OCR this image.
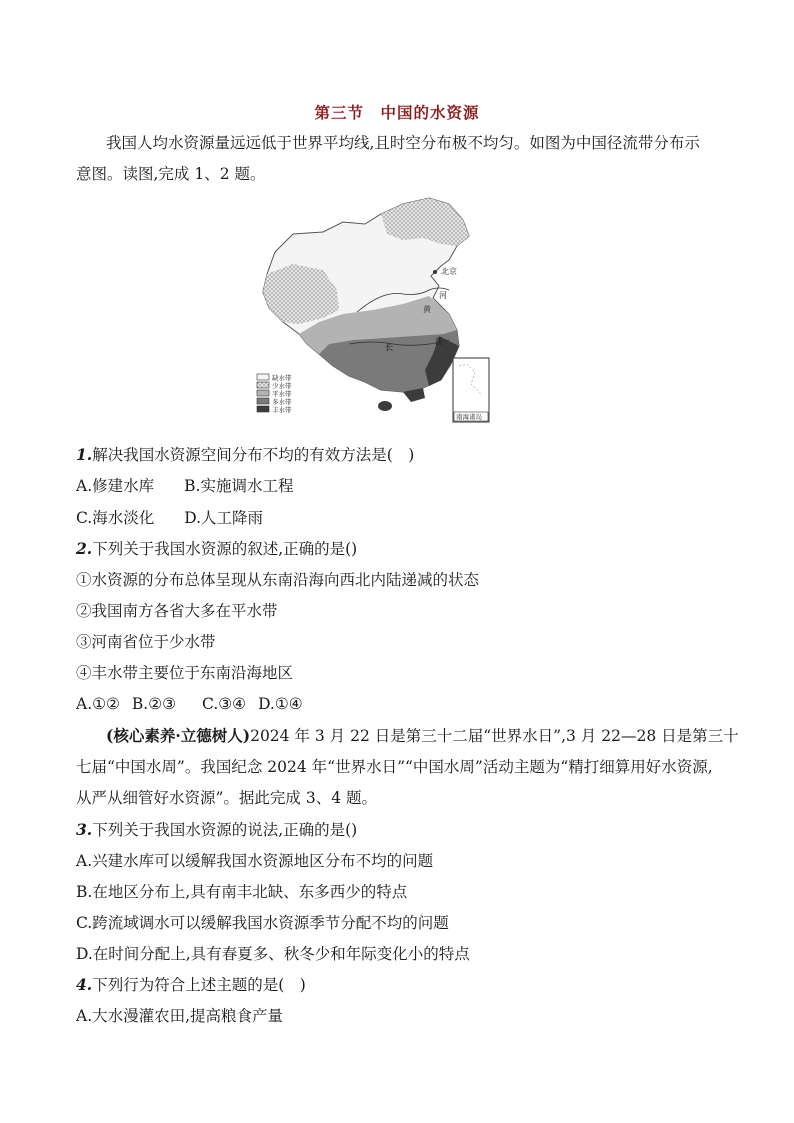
第三节　中国的水资源
我国人均水资源量远远低于世界平均线,且时空分布极不均匀。如图为中国径流带分布示
意图。读图,完成 1、2 题。
北京
黄
河
长
江
南海诸岛
缺水带
少水带
平水带
多水带
丰水带
1.解决我国水资源空间分布不均的有效方法是(　)
A.修建水库 B.实施调水工程
C.海水淡化 D.人工降雨
2.下列关于我国水资源的叙述,正确的是()
①水资源的分布总体呈现从东南沿海向西北内陆递减的状态
②我国南方各省大多在平水带
③河南省位于少水带
④丰水带主要位于东南沿海地区
A.①② B.②③ C.③④ D.①④
(核心素养·立德树人)2024 年 3 月 22 日是第三十二届“世界水日”,3 月 22—28 日是第三十
七届“中国水周”。我国纪念 2024 年“世界水日”“中国水周”活动主题为“精打细算用好水资源,
从严从细管好水资源”。据此完成 3、4 题。
3.下列关于我国水资源的说法,正确的是()
A.兴建水库可以缓解我国水资源地区分布不均的问题
B.在地区分布上,具有南丰北缺、东多西少的特点
C.跨流域调水可以缓解我国水资源季节分配不均的问题
D.在时间分配上,具有春夏多、秋冬少和年际变化小的特点
4.下列行为符合上述主题的是(　)
A.大水漫灌农田,提高粮食产量
